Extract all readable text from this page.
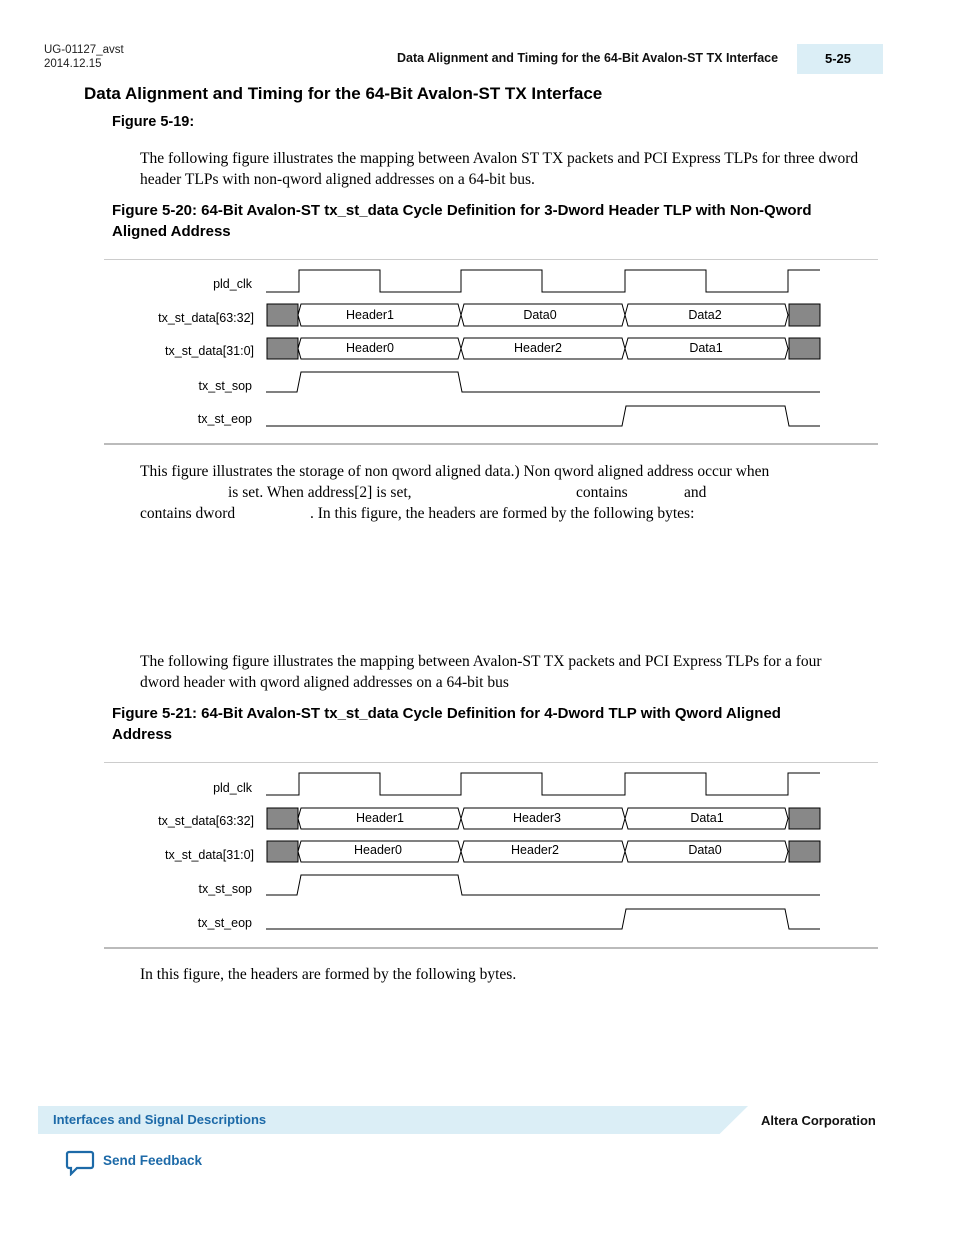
UG-01127_avst
2014.12.15	Data Alignment and Timing for the 64-Bit Avalon-ST TX Interface	5-25
Data Alignment and Timing for the 64-Bit Avalon-ST TX Interface
Figure 5-19:
The following figure illustrates the mapping between Avalon ST TX packets and PCI Express TLPs for three dword header TLPs with non-qword aligned addresses on a 64-bit bus.
Figure 5-20: 64-Bit Avalon-ST tx_st_data Cycle Definition for 3-Dword Header TLP with Non-Qword
Aligned Address
pld_clk
tx_st_data[63:32]
tx_st_data[31:0]
tx_st_sop
tx_st_eop
Header1	Data0	Data2
Header0	Header2	Data1
This figure illustrates the storage of non qword aligned data.) Non qword aligned address occur when
is set. When address[2] is set,	contains	and
contains dword	. In this figure, the headers are formed by the following bytes:
The following figure illustrates the mapping between Avalon-ST TX packets and PCI Express TLPs for a four dword header with qword aligned addresses on a 64-bit bus
Figure 5-21: 64-Bit Avalon-ST tx_st_data Cycle Definition for 4-Dword TLP with Qword Aligned
Address
pld_clk
tx_st_data[63:32]
tx_st_data[31:0]
tx_st_sop
tx_st_eop
Header1	Header3	Data1
Header0	Header2	Data0
In this figure, the headers are formed by the following bytes.
Interfaces and Signal Descriptions	Altera Corporation
Send Feedback
